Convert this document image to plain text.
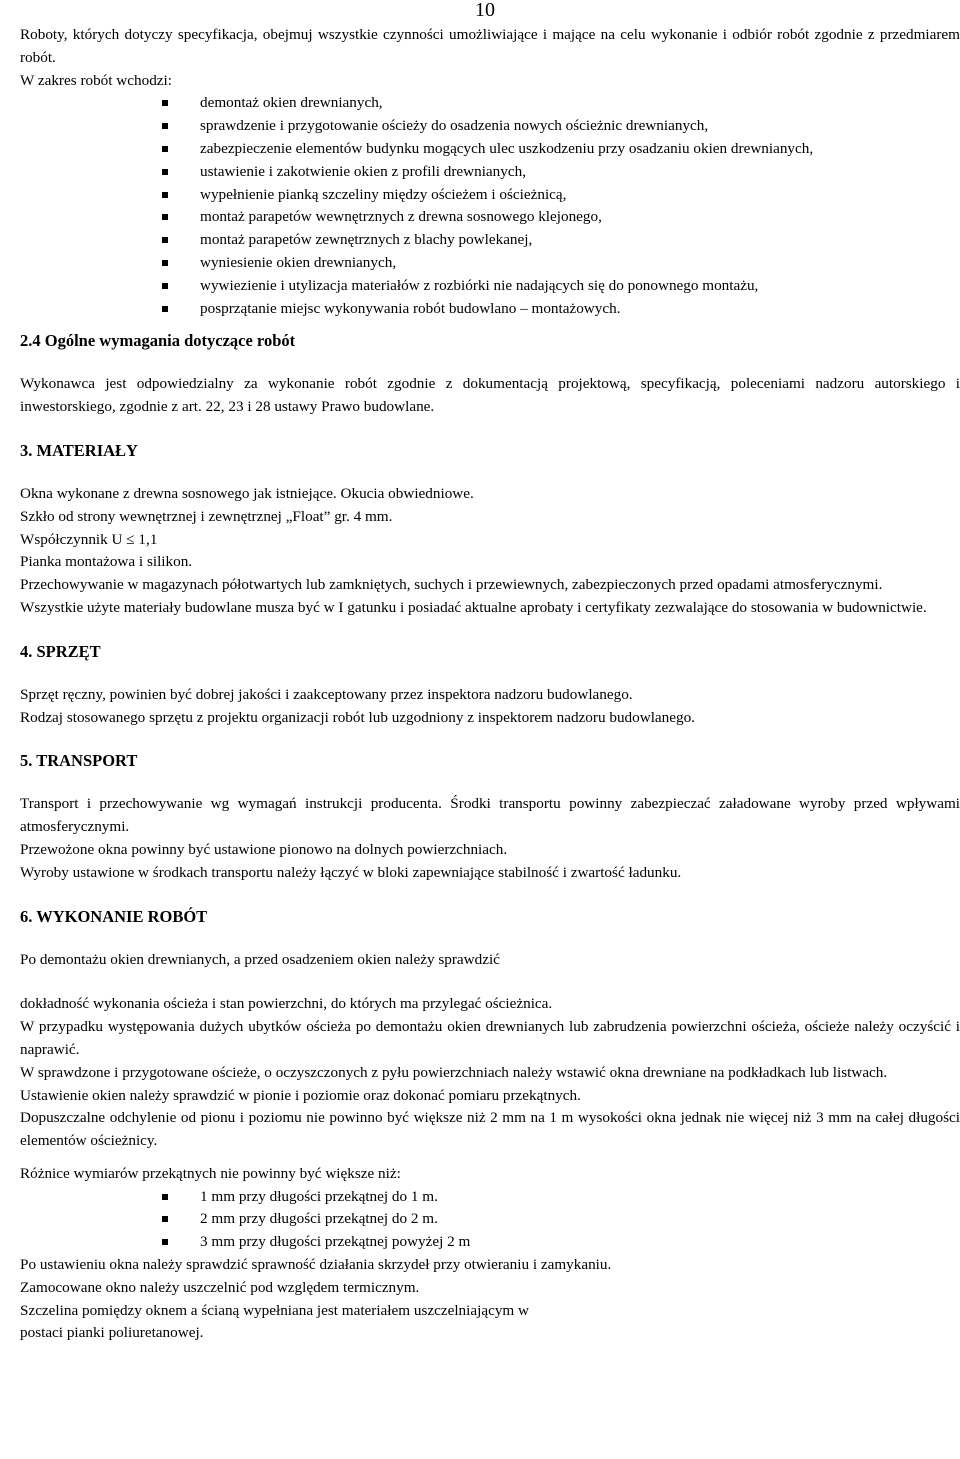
10

Roboty, których dotyczy specyfikacja, obejmuj wszystkie czynności umożliwiające i mające na celu wykonanie i odbiór robót zgodnie z przedmiarem robót.

W zakres robót wchodzi:

demontaż okien drewnianych,
sprawdzenie i przygotowanie ościeży do osadzenia nowych ościeżnic drewnianych,
zabezpieczenie elementów budynku mogących ulec uszkodzeniu przy osadzaniu okien drewnianych,
ustawienie i zakotwienie okien z profili drewnianych,
wypełnienie pianką szczeliny między ościeżem i ościeżnicą,
montaż parapetów wewnętrznych z drewna sosnowego klejonego,
montaż parapetów zewnętrznych z blachy powlekanej,
wyniesienie okien drewnianych,
wywiezienie i utylizacja materiałów z rozbiórki nie nadających się do ponownego montażu,
posprzątanie miejsc wykonywania robót budowlano – montażowych.
2.4 Ogólne wymagania dotyczące robót

Wykonawca jest odpowiedzialny za wykonanie robót zgodnie z dokumentacją projektową, specyfikacją, poleceniami nadzoru autorskiego i inwestorskiego, zgodnie z art. 22, 23 i 28 ustawy Prawo budowlane.

3. MATERIAŁY

Okna wykonane z drewna sosnowego jak istniejące. Okucia obwiedniowe.

Szkło od strony wewnętrznej i zewnętrznej „Float” gr. 4 mm.

Współczynnik U ≤ 1,1

Pianka montażowa i silikon.

Przechowywanie w magazynach półotwartych lub zamkniętych, suchych i przewiewnych, zabezpieczonych przed opadami atmosferycznymi.

Wszystkie użyte materiały budowlane musza być w I gatunku i posiadać aktualne aprobaty i certyfikaty zezwalające do stosowania w budownictwie.

4. SPRZĘT

Sprzęt ręczny, powinien być dobrej jakości i zaakceptowany przez inspektora nadzoru budowlanego.

Rodzaj stosowanego sprzętu z projektu organizacji robót lub uzgodniony z inspektorem nadzoru budowlanego.

5. TRANSPORT

Transport i przechowywanie wg wymagań instrukcji producenta. Środki transportu powinny zabezpieczać załadowane wyroby przed wpływami atmosferycznymi.

Przewożone okna powinny być ustawione pionowo na dolnych powierzchniach.

Wyroby ustawione w środkach transportu należy łączyć w bloki zapewniające stabilność i zwartość ładunku.

6. WYKONANIE ROBÓT

Po demontażu okien drewnianych, a przed osadzeniem okien należy sprawdzić

dokładność wykonania ościeża i stan powierzchni, do których ma przylegać ościeżnica.

W przypadku występowania dużych ubytków ościeża po demontażu okien drewnianych lub zabrudzenia powierzchni ościeża, ościeże należy oczyścić i naprawić.

W sprawdzone i przygotowane ościeże, o oczyszczonych z pyłu powierzchniach należy wstawić okna drewniane na podkładkach lub listwach.

Ustawienie okien należy sprawdzić w pionie i poziomie oraz dokonać pomiaru przekątnych.

Dopuszczalne odchylenie od pionu i poziomu nie powinno być większe niż 2 mm na 1 m wysokości okna jednak nie więcej niż 3 mm na całej długości elementów ościeżnicy.

Różnice wymiarów przekątnych nie powinny być większe niż:

1 mm przy długości przekątnej do 1 m.
2 mm przy długości przekątnej do 2 m.
3 mm przy długości przekątnej powyżej 2 m

Po ustawieniu okna należy sprawdzić sprawność działania skrzydeł przy otwieraniu i zamykaniu.

Zamocowane okno należy uszczelnić pod względem termicznym.

Szczelina pomiędzy oknem a ścianą wypełniana jest materiałem uszczelniającym w

postaci pianki poliuretanowej.
